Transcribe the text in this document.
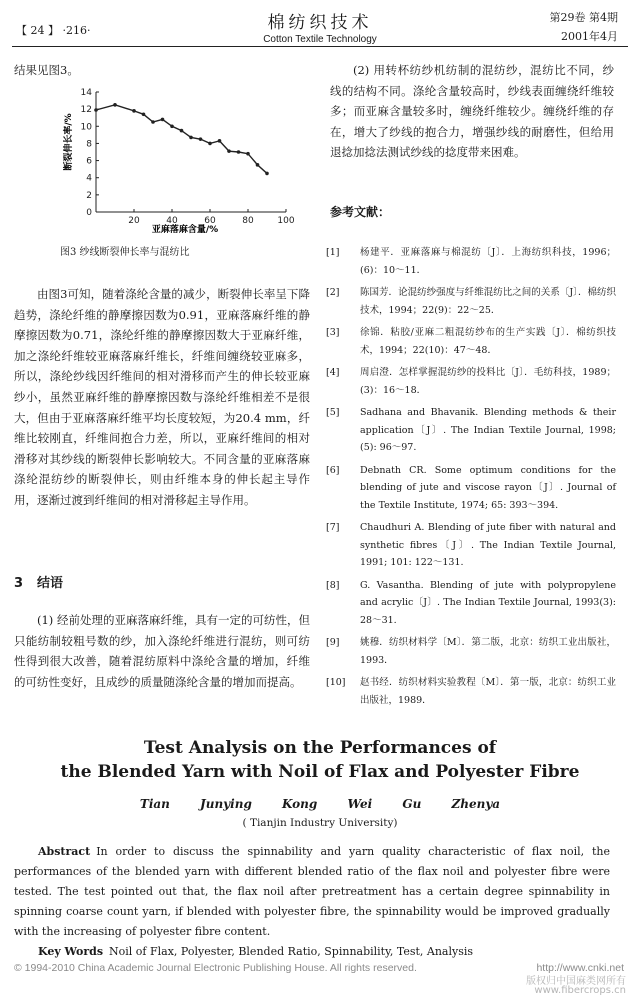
【 24 】 ·216·	棉纺织技术
Cotton Textile Technology
第29卷 第4期
2001年4月

结果见图3。

0
2
4
6
8
10
12
14
20	40	60	80	100
断裂伸长率/%
亚麻落麻含量/%
图3 纱线断裂伸长率与混纺比

由图3可知，随着涤纶含量的减少，断裂伸长率呈下降趋势，涤纶纤维的静摩擦因数为0.91，亚麻落麻纤维的静摩擦因数为0.71，涤纶纤维的静摩擦因数大于亚麻纤维，加之涤纶纤维较亚麻落麻纤维长，纤维间缠绕较亚麻多，所以，涤纶纱线因纤维间的相对滑移而产生的伸长较亚麻纱小，虽然亚麻纤维的静摩擦因数与涤纶纤维相差不是很大，但由于亚麻落麻纤维平均长度较短，为20.4 mm，纤维比较刚直，纤维间抱合力差，所以，亚麻纤维间的相对滑移对其纱线的断裂伸长影响较大。不同含量的亚麻落麻涤纶混纺纱的断裂伸长，则由纤维本身的伸长起主导作用，逐渐过渡到纤维间的相对滑移起主导作用。

3 结语

(1) 经前处理的亚麻落麻纤维，具有一定的可纺性，但只能纺制较粗号数的纱，加入涤纶纤维进行混纺，则可纺性得到很大改善，随着混纺原料中涤纶含量的增加，纤维的可纺性变好，且成纱的质量随涤纶含量的增加而提高。

(2) 用转杯纺纱机纺制的混纺纱，混纺比不同，纱线的结构不同。涤纶含量较高时，纱线表面缠绕纤维较多；而亚麻含量较多时，缠绕纤维较少。缠绕纤维的存在，增大了纱线的抱合力，增强纱线的耐磨性，但给用退捻加捻法测试纱线的捻度带来困难。

参考文献：
[1]	杨建平．亚麻落麻与棉混纺〔J〕．上海纺织科技，1996；(6)：10～11．
[2]	陈国芳．论混纺纱强度与纤维混纺比之间的关系〔J〕．棉纺织技术，1994；22(9)：22～25．
[3]	徐锦．粘胶/亚麻二粗混纺纱布的生产实践〔J〕．棉纺织技术，1994；22(10)：47～48．
[4]	周启澄．怎样掌握混纺纱的投料比〔J〕．毛纺科技，1989；(3)：16～18．
[5]	Sadhana and Bhavanik. Blending methods & their application〔J〕. The Indian Textile Journal, 1998; (5): 96～97.
[6]	Debnath CR. Some optimum conditions for the blending of jute and viscose rayon〔J〕. Journal of the Textile Institute, 1974; 65: 393～394.
[7]	Chaudhuri A. Blending of jute fiber with natural and synthetic fibres〔J〕. The Indian Textile Journal, 1991; 101: 122～131.
[8]	G. Vasantha. Blending of jute with polypropylene and acrylic〔J〕. The Indian Textile Journal, 1993(3): 28～31.
[9]	姚穆．纺织材料学〔M〕．第二版，北京：纺织工业出版社，1993．
[10]	赵书经．纺织材料实验教程〔M〕．第一版，北京：纺织工业出版社，1989．
Test Analysis on the Performances of
the Blended Yarn with Noil of Flax and Polyester Fibre
Tian Junying Kong Wei Gu Zhenya
( Tianjin Industry University)

Abstract In order to discuss the spinnability and yarn quality characteristic of flax noil, the performances of the blended yarn with different blended ratio of the flax noil and polyester fibre were tested. The test pointed out that, the flax noil after pretreatment has a certain degree spinnability in spinning coarse count yarn, if blended with polyester fibre, the spinnability would be improved gradually with the increasing of polyester fibre content.

Key Words Noil of Flax, Polyester, Blended Ratio, Spinnability, Test, Analysis
© 1994-2010 China Academic Journal Electronic Publishing House. All rights reserved.	http://www.cnki.net
版权归中国麻类网所有
www.fibercrops.cn
